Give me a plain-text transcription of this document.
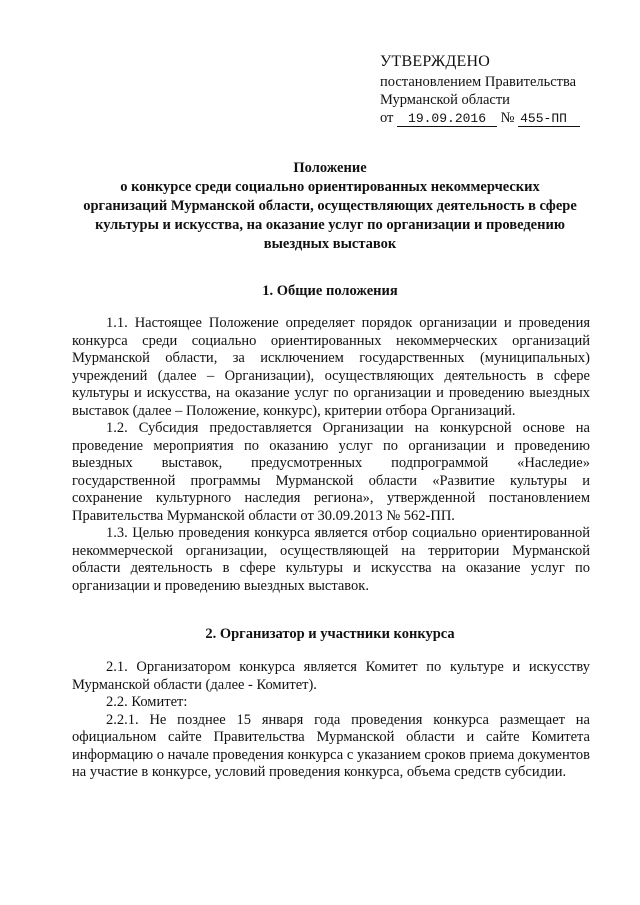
УТВЕРЖДЕНО
постановлением Правительства
Мурманской области
от 19.09.2016 № 455-ПП
Положение
о конкурсе среди социально ориентированных некоммерческих
организаций Мурманской области, осуществляющих деятельность в сфере
культуры и искусства, на оказание услуг по организации и проведению
выездных выставок
1. Общие положения

1.1. Настоящее Положение определяет порядок организации и проведения конкурса среди социально ориентированных некоммерческих организаций Мурманской области, за исключением государственных (муниципальных) учреждений (далее – Организации), осуществляющих деятельность в сфере культуры и искусства, на оказание услуг по организации и проведению выездных выставок (далее – Положение, конкурс), критерии отбора Организаций.

1.2. Субсидия предоставляется Организации на конкурсной основе на проведение мероприятия по оказанию услуг по организации и проведению выездных выставок, предусмотренных подпрограммой «Наследие» государственной программы Мурманской области «Развитие культуры и сохранение культурного наследия региона», утвержденной постановлением Правительства Мурманской области от 30.09.2013 № 562-ПП.

1.3. Целью проведения конкурса является отбор социально ориентированной некоммерческой организации, осуществляющей на территории Мурманской области деятельность в сфере культуры и искусства на оказание услуг по организации и проведению выездных выставок.

2. Организатор и участники конкурса

2.1. Организатором конкурса является Комитет по культуре и искусству Мурманской области (далее - Комитет).

2.2. Комитет:

2.2.1. Не позднее 15 января года проведения конкурса размещает на официальном сайте Правительства Мурманской области и сайте Комитета информацию о начале проведения конкурса с указанием сроков приема документов на участие в конкурсе, условий проведения конкурса, объема средств субсидии.
